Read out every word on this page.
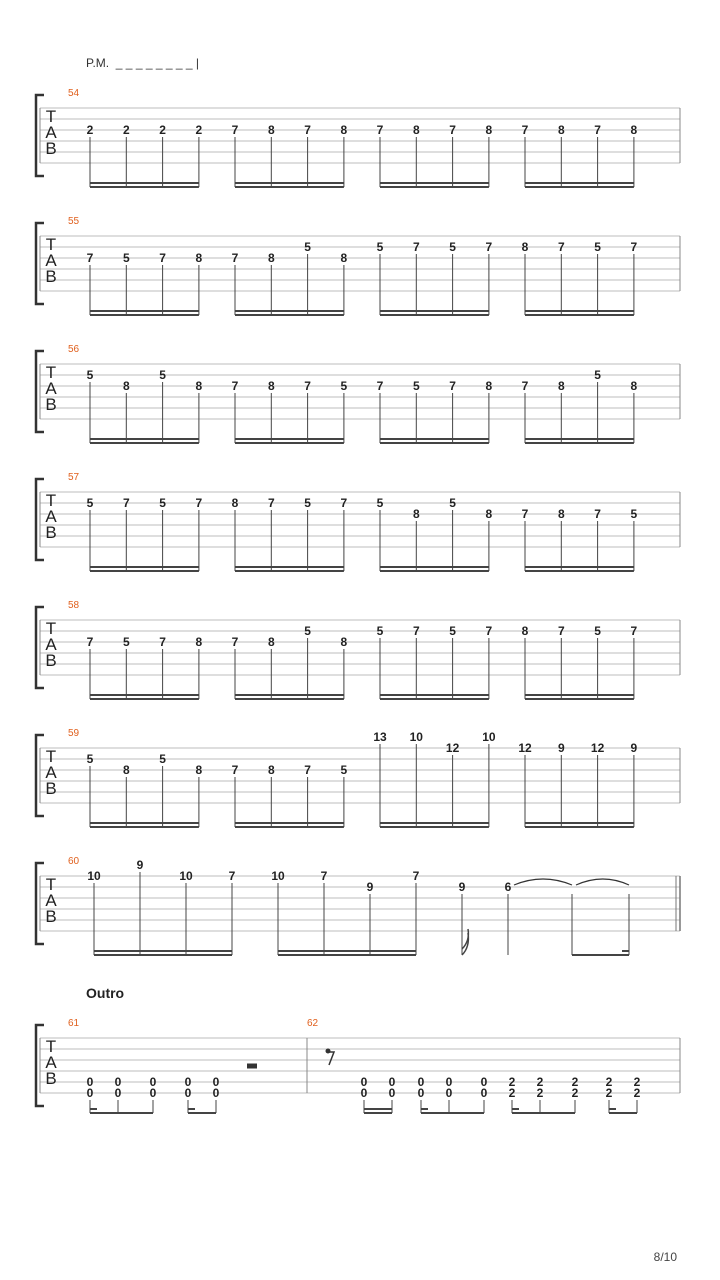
P.M.  _ _ _ _ _ _ _ _ |
T
A
B
54
2 2 2 2 7 8 7 8 7 8 7 8 7 8 7 8
T
A
B
55
7 5 7 8 7 8
5
8
5 7 5 7 8 7 5 7
T
A
B
56
5
8
5
8 7 8 7 5 7 5 7 8 7 8
5
8
T
A
B
57
5 7 5 7 8 7 5 7 5
8
5
8 7 8 7 5
T
A
B
58
7 5 7 8 7 8
5
8
5 7 5 7 8 7 5 7
T
A
B
59
5
8
5
8 7 8 7 5
13 10
12
10
12 9 12 9
T
A
B
60
10
9
10	7	10	7
9
7
9	6
T
A
B
61	62
0
0
0
0
0
0
0
0
0
0
0
0
0
0
0
0
0
0
0
0
2
2
2
2
2
2
2
2
2
2
Outro
8/10
